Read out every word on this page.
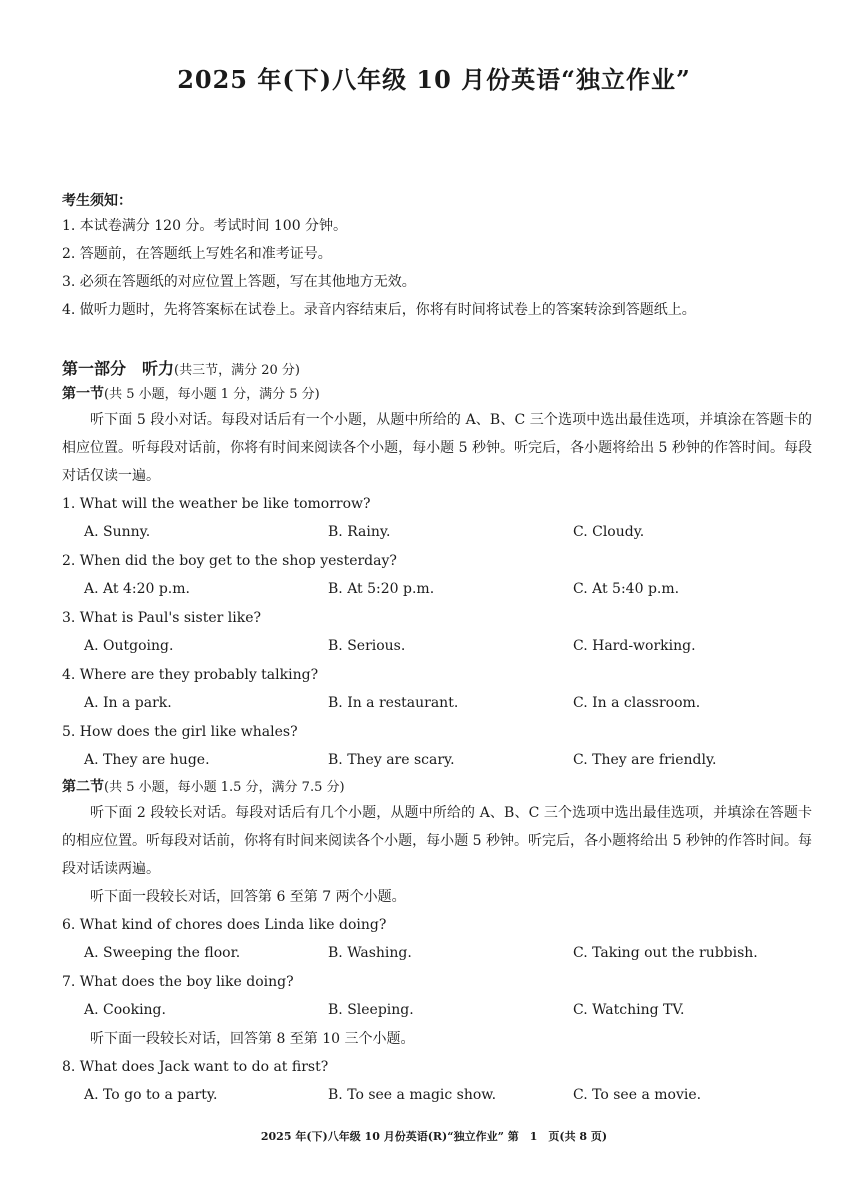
2025 年(下)八年级 10 月份英语“独立作业”
考生须知：
1. 本试卷满分 120 分。考试时间 100 分钟。
2. 答题前，在答题纸上写姓名和准考证号。
3. 必须在答题纸的对应位置上答题，写在其他地方无效。
4. 做听力题时，先将答案标在试卷上。录音内容结束后，你将有时间将试卷上的答案转涂到答题纸上。
第一部分　听力(共三节，满分 20 分)
第一节(共 5 小题，每小题 1 分，满分 5 分)
听下面 5 段小对话。每段对话后有一个小题，从题中所给的 A、B、C 三个选项中选出最佳选项，并填涂在答题卡的相应位置。听每段对话前，你将有时间来阅读各个小题，每小题 5 秒钟。听完后，各小题将给出 5 秒钟的作答时间。每段对话仅读一遍。
1. What will the weather be like tomorrow?
A. Sunny.	B. Rainy.	C. Cloudy.
2. When did the boy get to the shop yesterday?
A. At 4:20 p.m.	B. At 5:20 p.m.	C. At 5:40 p.m.
3. What is Paul's sister like?
A. Outgoing.	B. Serious.	C. Hard-working.
4. Where are they probably talking?
A. In a park.	B. In a restaurant.	C. In a classroom.
5. How does the girl like whales?
A. They are huge.	B. They are scary.	C. They are friendly.
第二节(共 5 小题，每小题 1.5 分，满分 7.5 分)
听下面 2 段较长对话。每段对话后有几个小题，从题中所给的 A、B、C 三个选项中选出最佳选项，并填涂在答题卡的相应位置。听每段对话前，你将有时间来阅读各个小题，每小题 5 秒钟。听完后，各小题将给出 5 秒钟的作答时间。每段对话读两遍。
听下面一段较长对话，回答第 6 至第 7 两个小题。
6. What kind of chores does Linda like doing?
A. Sweeping the floor.	B. Washing.	C. Taking out the rubbish.
7. What does the boy like doing?
A. Cooking.	B. Sleeping.	C. Watching TV.
听下面一段较长对话，回答第 8 至第 10 三个小题。
8. What does Jack want to do at first?
A. To go to a party.	B. To see a magic show.	C. To see a movie.
2025 年(下)八年级 10 月份英语(R)“独立作业” 第　1　页(共 8 页)
